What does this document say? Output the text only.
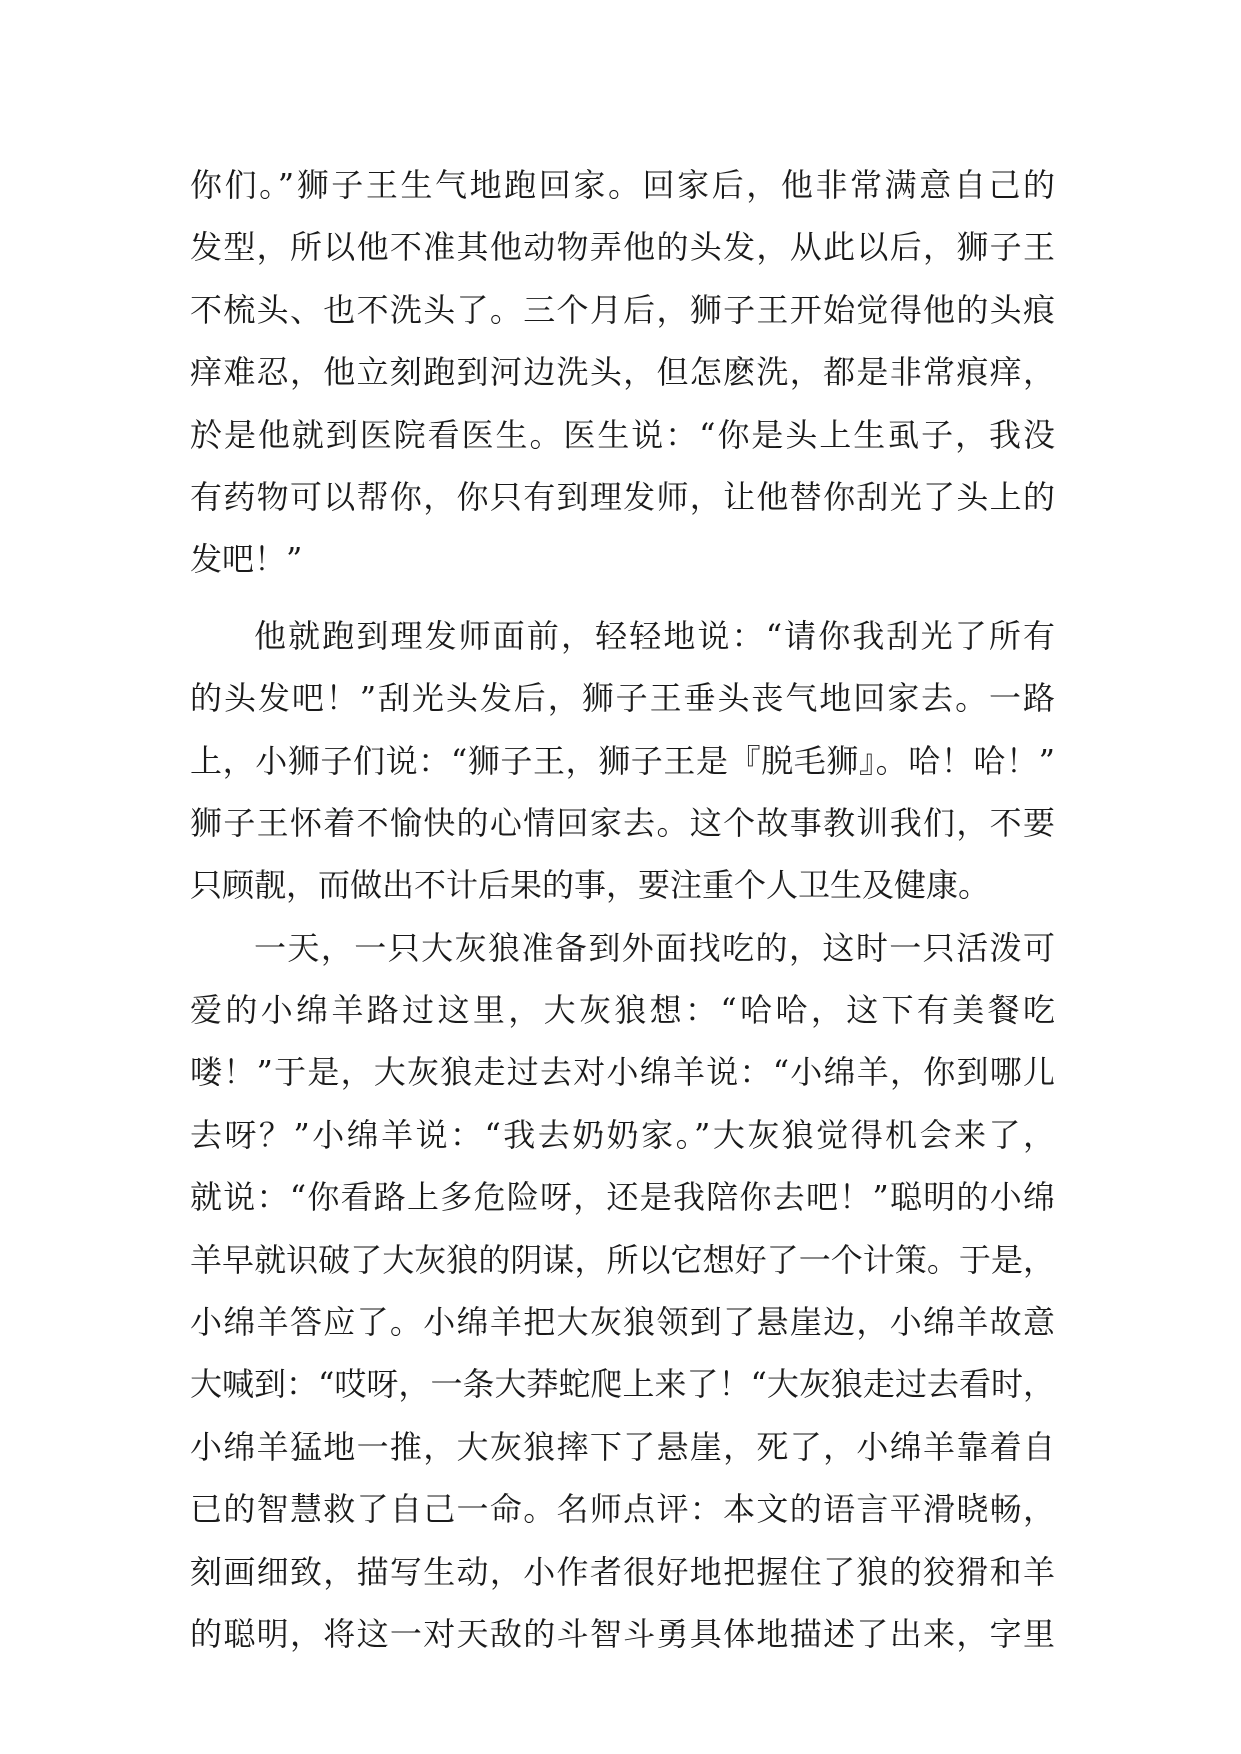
你们。”狮子王生气地跑回家。回家后，他非常满意自己的
发型，所以他不准其他动物弄他的头发，从此以后，狮子王
不梳头、也不洗头了。三个月后，狮子王开始觉得他的头痕
痒难忍，他立刻跑到河边洗头，但怎麽洗，都是非常痕痒，
於是他就到医院看医生。医生说：“你是头上生虱子，我没
有药物可以帮你，你只有到理发师，让他替你刮光了头上的
发吧！”
他就跑到理发师面前，轻轻地说：“请你我刮光了所有
的头发吧！”刮光头发后，狮子王垂头丧气地回家去。一路
上，小狮子们说：“狮子王，狮子王是『脱毛狮』。哈！哈！”
狮子王怀着不愉快的心情回家去。这个故事教训我们，不要
只顾靓，而做出不计后果的事，要注重个人卫生及健康。
一天，一只大灰狼准备到外面找吃的，这时一只活泼可
爱的小绵羊路过这里，大灰狼想：“哈哈，这下有美餐吃
喽！”于是，大灰狼走过去对小绵羊说：“小绵羊，你到哪儿
去呀？”小绵羊说：“我去奶奶家。”大灰狼觉得机会来了，
就说：“你看路上多危险呀，还是我陪你去吧！”聪明的小绵
羊早就识破了大灰狼的阴谋，所以它想好了一个计策。于是，
小绵羊答应了。小绵羊把大灰狼领到了悬崖边，小绵羊故意
大喊到：“哎呀，一条大莽蛇爬上来了！“大灰狼走过去看时，
小绵羊猛地一推，大灰狼摔下了悬崖，死了，小绵羊靠着自
已的智慧救了自己一命。名师点评：本文的语言平滑晓畅，
刻画细致，描写生动，小作者很好地把握住了狼的狡猾和羊
的聪明，将这一对天敌的斗智斗勇具体地描述了出来，字里
